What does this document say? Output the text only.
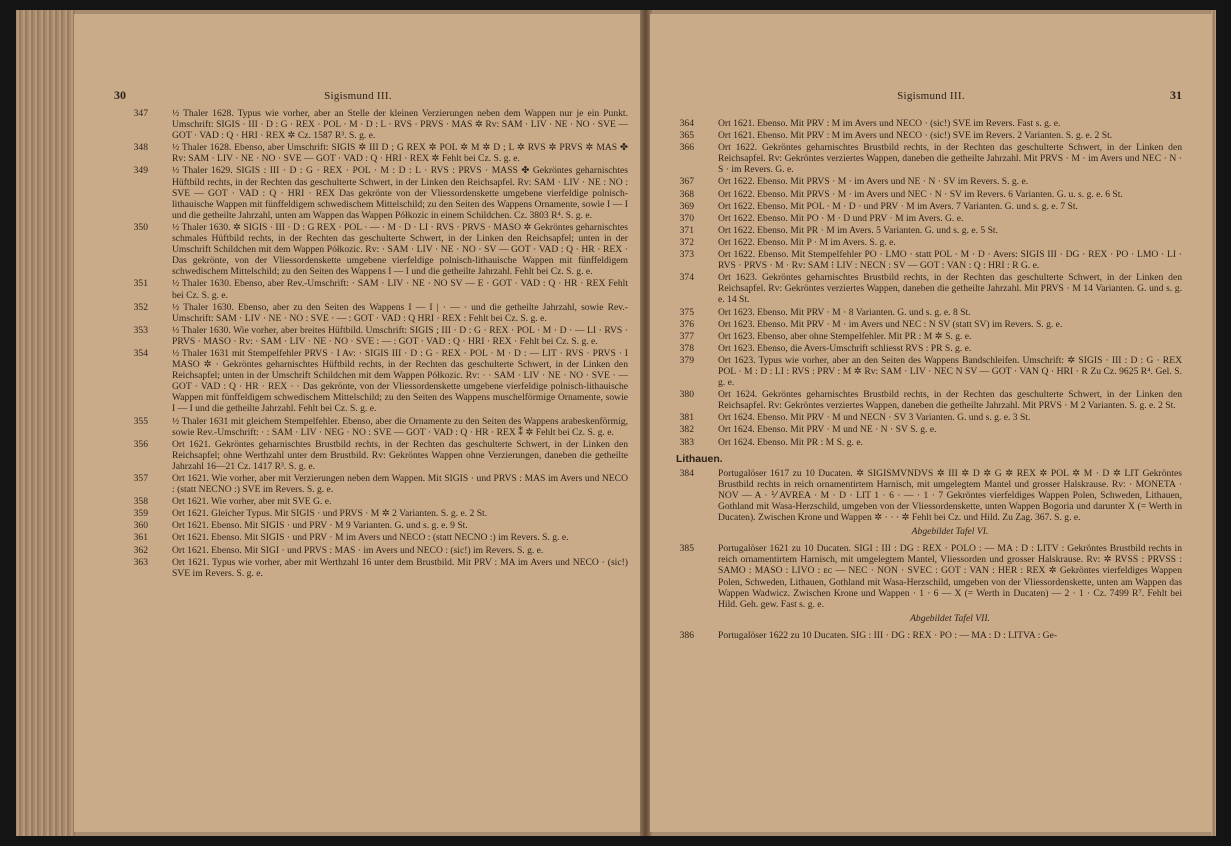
30	Sigismund III.
347	½ Thaler 1628. Typus wie vorher, aber an Stelle der kleinen Verzierungen neben dem Wappen nur je ein Punkt. Umschrift: SIGIS · III · D : G · REX · POL · M · D : L · RVS · PRVS · MAS ✲ Rv: SAM · LIV · NE · NO · SVE — GOT · VAD : Q · HRI · REX ✲ Cz. 1587 R³. S. g. e.
348	½ Thaler 1628. Ebenso, aber Umschrift: SIGIS ✲ III D ; G REX ✲ POL ✲ M ✲ D ; L ✲ RVS ✲ PRVS ✲ MAS ✤ Rv: SAM · LIV · NE · NO · SVE — GOT · VAD : Q · HRI · REX ✲ Fehlt bei Cz. S. g. e.
349	½ Thaler 1629. SIGIS : III · D : G · REX · POL · M : D : L · RVS : PRVS · MASS ✤ Gekröntes geharnischtes Hüftbild rechts, in der Rechten das geschulterte Schwert, in der Linken den Reichsapfel. Rv: SAM · LIV · NE : NO : SVE — GOT · VAD : Q · HRI · REX Das gekrönte von der Vliessordenskette umgebene vierfeldige polnisch-lithauische Wappen mit fünffeldigem schwedischem Mittelschild; zu den Seiten des Wappens Ornamente, sowie I — I und die getheilte Jahrzahl, unten am Wappen das Wappen Półkozic in einem Schildchen. Cz. 3803 R⁴. S. g. e.
350	½ Thaler 1630. ✲ SIGIS · III · D : G REX · POL · — · M · D · LI · RVS · PRVS · MASO ✲ Gekröntes geharnischtes schmales Hüftbild rechts, in der Rechten das geschulterte Schwert, in der Linken den Reichsapfel; unten in der Umschrift Schildchen mit dem Wappen Półkozic. Rv: · SAM · LIV · NE · NO · SV — GOT · VAD : Q · HR · REX · Das gekrönte, von der Vliessordenskette umgebene vierfeldige polnisch-lithauische Wappen mit fünffeldigem schwedischem Mittelschild; zu den Seiten des Wappens I — I und die getheilte Jahrzahl. Fehlt bei Cz. S. g. e.
351	½ Thaler 1630. Ebenso, aber Rev.-Umschrift: · SAM · LIV · NE · NO SV — E · GOT · VAD : Q · HR · REX Fehlt bei Cz. S. g. e.
352	½ Thaler 1630. Ebenso, aber zu den Seiten des Wappens I — I | · — · und die getheilte Jahrzahl, sowie Rev.-Umschrift: SAM · LIV · NE · NO : SVE · — : GOT · VAD : Q HRI · REX : Fehlt bei Cz. S. g. e.
353	½ Thaler 1630. Wie vorher, aber breites Hüftbild. Umschrift: SIGIS ; III · D : G · REX · POL · M · D · — LI · RVS · PRVS · MASO · Rv: · SAM · LIV · NE · NO · SVE : — : GOT · VAD : Q · HRI · REX · Fehlt bei Cz. S. g. e.
354	½ Thaler 1631 mit Stempelfehler PRVS · I Av: · SIGIS III · D : G · REX · POL · M · D : — LIT · RVS · PRVS · I MASO ✲ · Gekröntes geharnischtes Hüftbild rechts, in der Rechten das geschulterte Schwert, in der Linken den Reichsapfel; unten in der Umschrift Schildchen mit dem Wappen Półkozic. Rv: · · SAM · LIV · NE · NO · SVE · — GOT · VAD : Q · HR · REX · · Das gekrönte, von der Vliessordenskette umgebene vierfeldige polnisch-lithauische Wappen mit fünffeldigem schwedischem Mittelschild; zu den Seiten des Wappens muschelförmige Ornamente, sowie I — I und die getheilte Jahrzahl. Fehlt bei Cz. S. g. e.
355	½ Thaler 1631 mit gleichem Stempelfehler. Ebenso, aber die Ornamente zu den Seiten des Wappens arabeskenförmig, sowie Rev.-Umschrift: · : SAM · LIV · NEG · NO : SVE — GOT · VAD : Q · HR · REX ⁑ ✲ Fehlt bei Cz. S. g. e.
356	Ort 1621. Gekröntes geharnischtes Brustbild rechts, in der Rechten das geschulterte Schwert, in der Linken den Reichsapfel; ohne Werthzahl unter dem Brustbild. Rv: Gekröntes Wappen ohne Verzierungen, daneben die getheilte Jahrzahl 16—21 Cz. 1417 R³. S. g. e.
357	Ort 1621. Wie vorher, aber mit Verzierungen neben dem Wappen. Mit SIGIS · und PRVS : MAS im Avers und NECO : (statt NECNO :) SVE im Revers. S. g. e.
358	Ort 1621. Wie vorher, aber mit SVE G. e.
359	Ort 1621. Gleicher Typus. Mit SIGIS · und PRVS · M ✲ 2 Varianten. S. g. e. 2 St.
360	Ort 1621. Ebenso. Mit SIGIS · und PRV · M 9 Varianten. G. und s. g. e. 9 St.
361	Ort 1621. Ebenso. Mit SIGIS · und PRV · M im Avers und NECO : (statt NECNO :) im Revers. S. g. e.
362	Ort 1621. Ebenso. Mit SIGI · und PRVS : MAS · im Avers und NECO : (sic!) im Revers. S. g. e.
363	Ort 1621. Typus wie vorher, aber mit Werthzahl 16 unter dem Brustbild. Mit PRV : MA im Avers und NECO · (sic!) SVE im Revers. S. g. e.
Sigismund III.	31
364	Ort 1621. Ebenso. Mit PRV : M im Avers und NECO · (sic!) SVE im Revers. Fast s. g. e.
365	Ort 1621. Ebenso. Mit PRV : M im Avers und NECO · (sic!) SVE im Revers. 2 Varianten. S. g. e. 2 St.
366	Ort 1622. Gekröntes geharnischtes Brustbild rechts, in der Rechten das geschulterte Schwert, in der Linken den Reichsapfel. Rv: Gekröntes verziertes Wappen, daneben die getheilte Jahrzahl. Mit PRVS · M · im Avers und NEC · N · S · im Revers. G. e.
367	Ort 1622. Ebenso. Mit PRVS · M · im Avers und NE · N · SV im Revers. S. g. e.
368	Ort 1622. Ebenso. Mit PRVS · M · im Avers und NEC · N · SV im Revers. 6 Varianten. G. u. s. g. e. 6 St.
369	Ort 1622. Ebenso. Mit POL · M · D · und PRV · M im Avers. 7 Varianten. G. und s. g. e. 7 St.
370	Ort 1622. Ebenso. Mit PO · M · D und PRV · M im Avers. G. e.
371	Ort 1622. Ebenso. Mit PR · M im Avers. 5 Varianten. G. und s. g. e. 5 St.
372	Ort 1622. Ebenso. Mit P · M im Avers. S. g. e.
373	Ort 1622. Ebenso. Mit Stempelfehler PO · LMO · statt POL · M · D · Avers: SIGIS III · DG · REX · PO · LMO · LI · RVS · PRVS · M · Rv: SAM ⁝ LIV : NECN : SV — GOT : VAN : Q : HRI : R G. e.
374	Ort 1623. Gekröntes geharnischtes Brustbild rechts, in der Rechten das geschulterte Schwert, in der Linken den Reichsapfel. Rv: Gekröntes verziertes Wappen, daneben die getheilte Jahrzahl. Mit PRVS · M 14 Varianten. G. und s. g. e. 14 St.
375	Ort 1623. Ebenso. Mit PRV · M · 8 Varianten. G. und s. g. e. 8 St.
376	Ort 1623. Ebenso. Mit PRV · M · im Avers und NEC : N SV (statt SV) im Revers. S. g. e.
377	Ort 1623. Ebenso, aber ohne Stempelfehler. Mit PR : M ✲ S. g. e.
378	Ort 1623. Ebenso, die Avers-Umschrift schliesst RVS : PR S. g. e.
379	Ort 1623. Typus wie vorher, aber an den Seiten des Wappens Bandschleifen. Umschrift: ✲ SIGIS · III : D : G · REX POL · M : D : LI : RVS : PRV : M ✲ Rv: SAM · LIV · NEC N SV — GOT · VAN Q · HRI · R Zu Cz. 9625 R⁴. Gel. S. g. e.
380	Ort 1624. Gekröntes geharnischtes Brustbild rechts, in der Rechten das geschulterte Schwert, in der Linken den Reichsapfel. Rv: Gekröntes verziertes Wappen, daneben die getheilte Jahrzahl. Mit PRVS · M 2 Varianten. S. g. e. 2 St.
381	Ort 1624. Ebenso. Mit PRV · M und NECN · SV 3 Varianten. G. und s. g. e. 3 St.
382	Ort 1624. Ebenso. Mit PRV · M und NE · N · SV S. g. e.
383	Ort 1624. Ebenso. Mit PR : M S. g. e.
Lithauen.
384	Portugalöser 1617 zu 10 Ducaten. ✲ SIGISMVNDVS ✲ III ✲ D ✲ G ✲ REX ✲ POL ✲ M · D ✲ LIT Gekröntes Brustbild rechts in reich ornamentirtem Harnisch, mit umgelegtem Mantel und grosser Halskrause. Rv: · MONETA · NOV — A · ⅟ AVREA · M · D · LIT 1 · 6 · — · 1 · 7 Gekröntes vierfeldiges Wappen Polen, Schweden, Lithauen, Gothland mit Wasa-Herzschild, umgeben von der Vliessordenskette, unten Wappen Bogoria und darunter X (= Werth in Ducaten). Zwischen Krone und Wappen ✲ · · · ✲ Fehlt bei Cz. und Hild. Zu Zag. 367. S. g. e.
Abgebildet Tafel VI.
385	Portugalöser 1621 zu 10 Ducaten. SIGI : III : DG : REX · POLO : — MA : D : LITV : Gekröntes Brustbild rechts in reich ornamentirtem Harnisch, mit umgelegtem Mantel, Vliessorden und grosser Halskrause. Rv: ✲ RVSS : PRVSS : SAMO : MASO : LIVO : ᴇᴄ — NEC · NON · SVEC : GOT : VAN : HER : REX ✲ Gekröntes vierfeldiges Wappen Polen, Schweden, Lithauen, Gothland mit Wasa-Herzschild, umgeben von der Vliessordenskette, unten am Wappen das Wappen Wadwicz. Zwischen Krone und Wappen · 1 · 6 — X (= Werth in Ducaten) — 2 · 1 · Cz. 7499 R⁷. Fehlt bei Hild. Geh. gew. Fast s. g. e.
Abgebildet Tafel VII.
386	Portugalöser 1622 zu 10 Ducaten. SIG : III · DG : REX · PO : — MA : D : LITVA : Ge-
